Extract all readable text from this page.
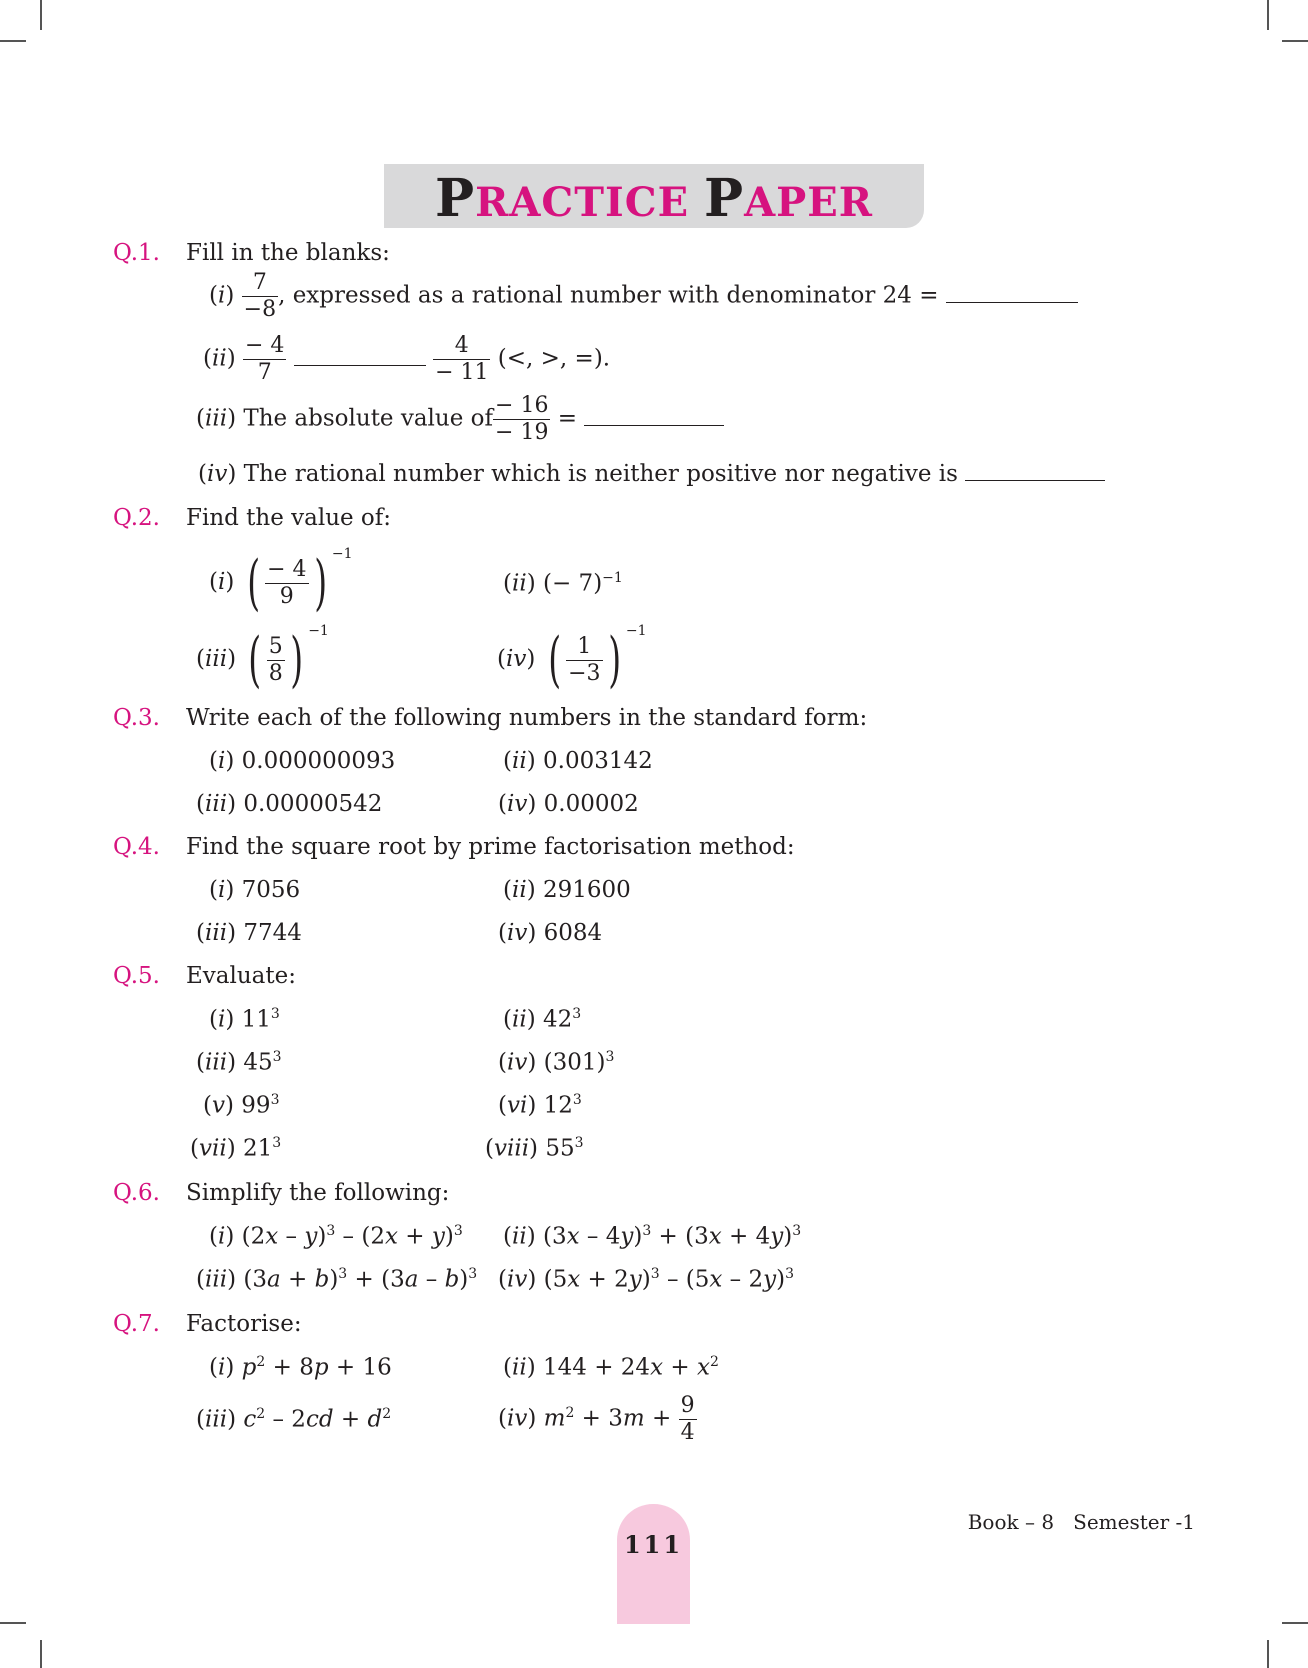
PRACTICE PAPER
Q.1. Fill in the blanks:
$(i) \frac{7}{-8}$ , expressed as a rational number with denominator 24 =
$(ii) \frac{- 4}{7}$
	$\frac{4}{- 11}$ (<, >, =).
(iii) The absolute value of $\frac{- 16}{- 19}$ =
(iv) The rational number which is neither positive nor negative is
Q.2. Find the value of:
(i) ( $\frac{- 4}{9}$ ) $^{-1}$
(ii) (− 7)$^{-1}$
(iii) ( $\frac{5}{8}$ ) $^{-1}$
(iv) ( $\frac{1}{-3}$ ) $^{-1}$
Q.3. Write each of the following numbers in the standard form:
(i) 0.000000093	(ii) 0.003142
(iii) 0.00000542	(iv) 0.00002
Q.4. Find the square root by prime factorisation method:
(i) 7056	(ii) 291600
(iii) 7744	(iv) 6084
Q.5. Evaluate:
(i) $11^3$	(ii) $42^3$
(iii) $45^3$	(iv) $(301)^3$
(v) $99^3$	(vi) $12^3$
(vii) $21^3$	(viii) $55^3$
Q.6. Simplify the following:
(i) $(2x - y)^3 - (2x + y)^3$ (ii) $(3x - 4y)^3 + (3x + 4y)^3$
(iii) $(3a + b)^3 + (3a - b)^3$ (iv) $(5x + 2y)^3 - (5x - 2y)^3$
Q.7. Factorise:
(i) $p^2 + 8p + 16$	(ii) $144 + 24x + x^2$
(iii) $c^2 - 2cd + d^2$	(iv) $m^2 + 3m + \frac{9}{4}$
Book – 8 Semester -1
111
